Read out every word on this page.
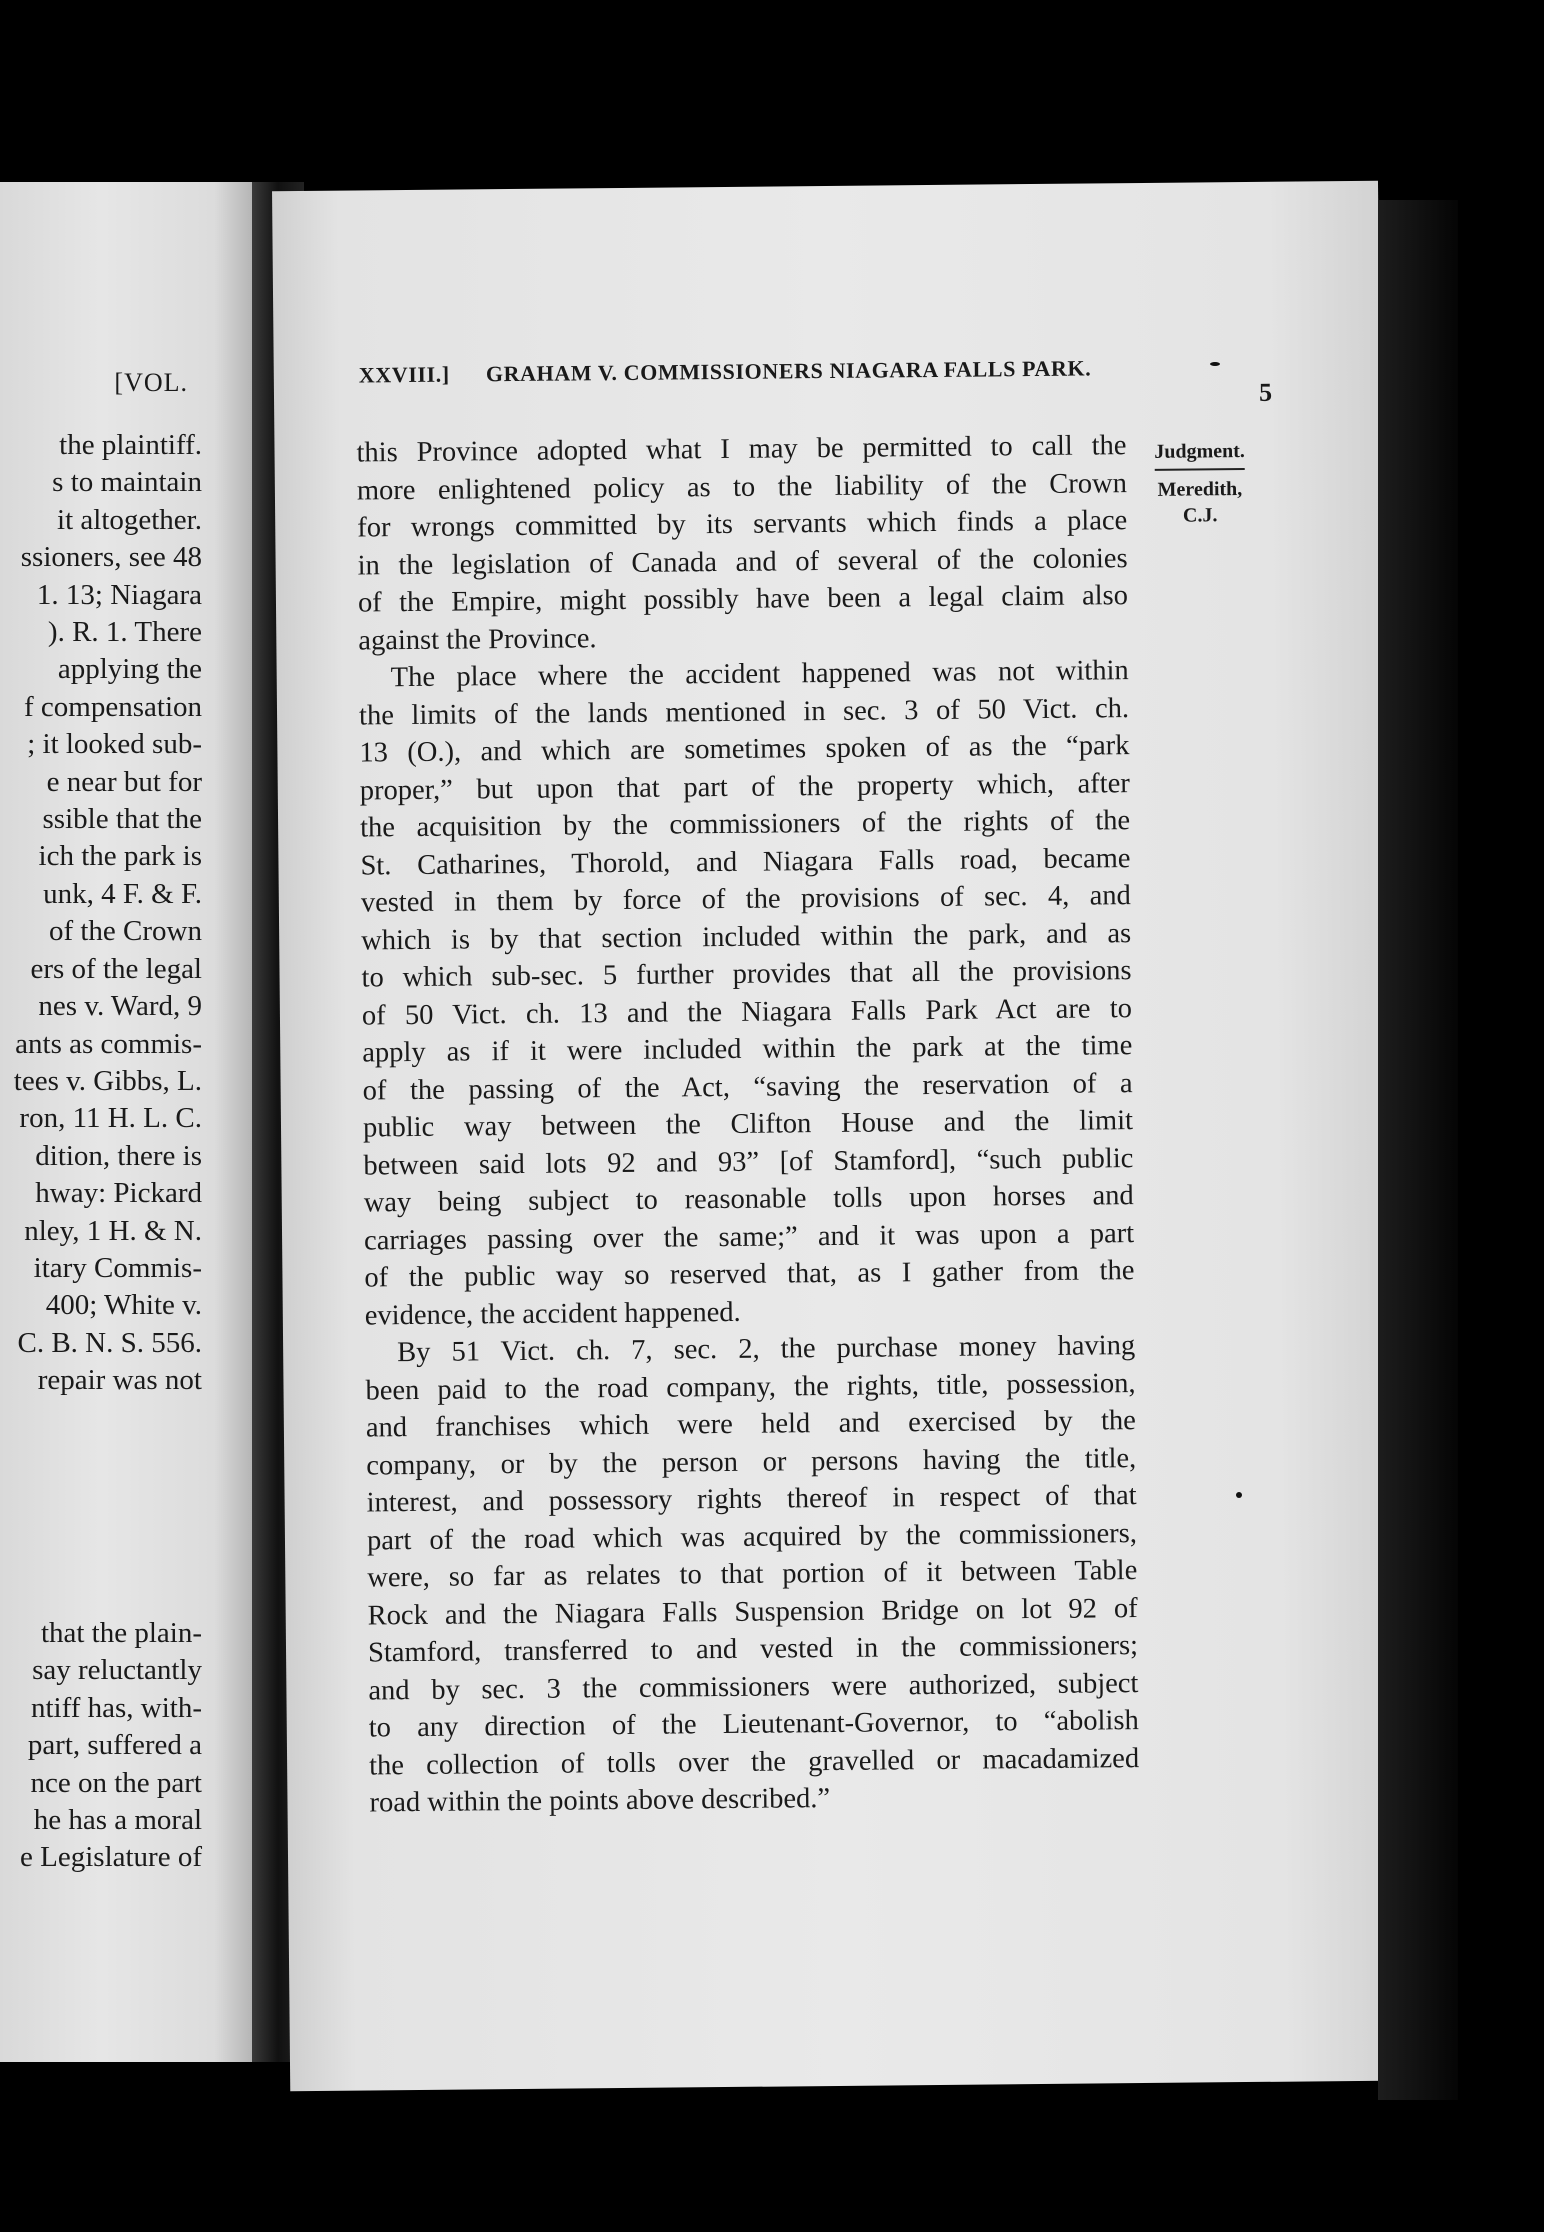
[VOL.
the plaintiff.
s to maintain
it altogether.
ssioners, see 48
1. 13; Niagara
). R. 1. There
applying the
f compensation
; it looked sub-
e near but for
ssible that the
ich the park is
unk, 4 F. & F.
of the Crown
ers of the legal
nes v. Ward, 9
ants as commis-
tees v. Gibbs, L.
ron, 11 H. L. C.
dition, there is
hway: Pickard
nley, 1 H. & N.
itary Commis-
400; White v.
C. B. N. S. 556.
repair was not
that the plain-
say reluctantly
ntiff has, with-
part, suffered a
nce on the part
he has a moral
e Legislature of
XXVIII.] GRAHAM V. COMMISSIONERS NIAGARA FALLS PARK.
5
Judgment.
Meredith,
C.J.
this Province adopted what I may be permitted to call the
more enlightened policy as to the liability of the Crown
for wrongs committed by its servants which finds a place
in the legislation of Canada and of several of the colonies
of the Empire, might possibly have been a legal claim also
against the Province.
The place where the accident happened was not within
the limits of the lands mentioned in sec. 3 of 50 Vict. ch.
13 (O.), and which are sometimes spoken of as the “park
proper,” but upon that part of the property which, after
the acquisition by the commissioners of the rights of the
St. Catharines, Thorold, and Niagara Falls road, became
vested in them by force of the provisions of sec. 4, and
which is by that section included within the park, and as
to which sub-sec. 5 further provides that all the provisions
of 50 Vict. ch. 13 and the Niagara Falls Park Act are to
apply as if it were included within the park at the time
of the passing of the Act, “saving the reservation of a
public way between the Clifton House and the limit
between said lots 92 and 93” [of Stamford], “such public
way being subject to reasonable tolls upon horses and
carriages passing over the same;” and it was upon a part
of the public way so reserved that, as I gather from the
evidence, the accident happened.
By 51 Vict. ch. 7, sec. 2, the purchase money having
been paid to the road company, the rights, title, possession,
and franchises which were held and exercised by the
company, or by the person or persons having the title,
interest, and possessory rights thereof in respect of that
part of the road which was acquired by the commissioners,
were, so far as relates to that portion of it between Table
Rock and the Niagara Falls Suspension Bridge on lot 92 of
Stamford, transferred to and vested in the commissioners;
and by sec. 3 the commissioners were authorized, subject
to any direction of the Lieutenant-Governor, to “abolish
the collection of tolls over the gravelled or macadamized
road within the points above described.”
